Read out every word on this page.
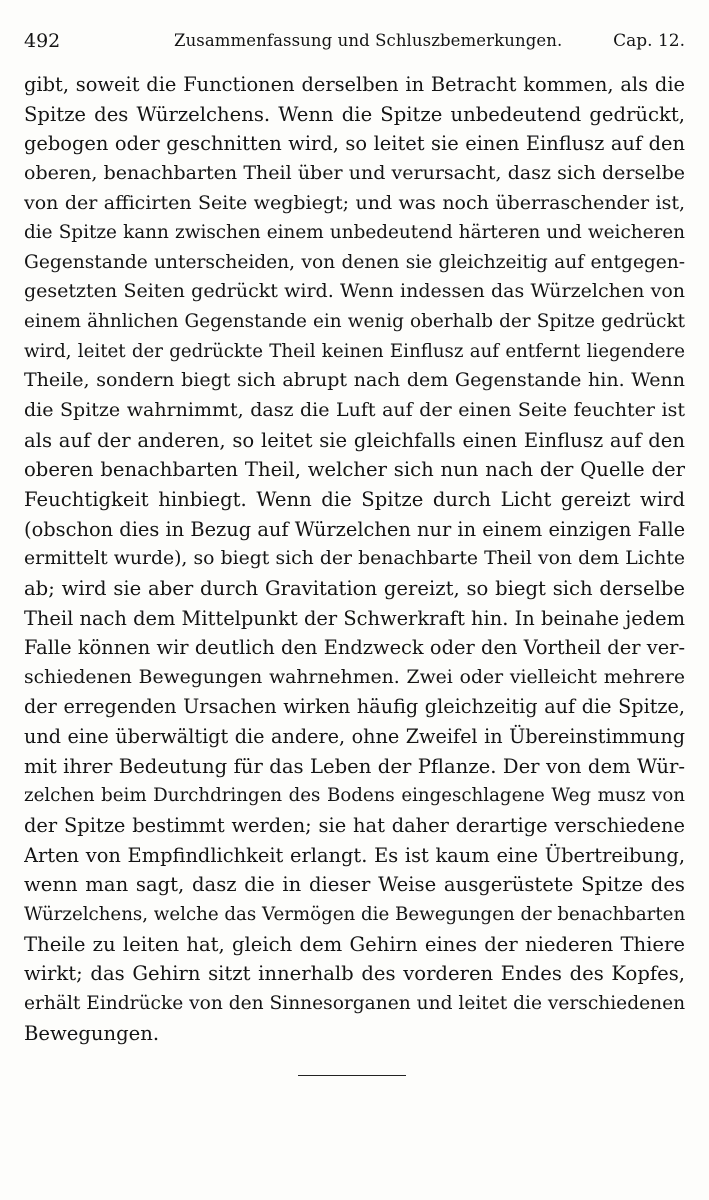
492	Zusammenfassung und Schluszbemerkungen.	Cap. 12.
gibt, soweit die Functionen derselben in Betracht kommen, als die
Spitze des Würzelchens. Wenn die Spitze unbedeutend gedrückt,
gebogen oder geschnitten wird, so leitet sie einen Einflusz auf den
oberen, benachbarten Theil über und verursacht, dasz sich derselbe
von der afficirten Seite wegbiegt; und was noch überraschender ist,
die Spitze kann zwischen einem unbedeutend härteren und weicheren
Gegenstande unterscheiden, von denen sie gleichzeitig auf entgegen-
gesetzten Seiten gedrückt wird. Wenn indessen das Würzelchen von
einem ähnlichen Gegenstande ein wenig oberhalb der Spitze gedrückt
wird, leitet der gedrückte Theil keinen Einflusz auf entfernt liegendere
Theile, sondern biegt sich abrupt nach dem Gegenstande hin. Wenn
die Spitze wahrnimmt, dasz die Luft auf der einen Seite feuchter ist
als auf der anderen, so leitet sie gleichfalls einen Einflusz auf den
oberen benachbarten Theil, welcher sich nun nach der Quelle der
Feuchtigkeit hinbiegt. Wenn die Spitze durch Licht gereizt wird
(obschon dies in Bezug auf Würzelchen nur in einem einzigen Falle
ermittelt wurde), so biegt sich der benachbarte Theil von dem Lichte
ab; wird sie aber durch Gravitation gereizt, so biegt sich derselbe
Theil nach dem Mittelpunkt der Schwerkraft hin. In beinahe jedem
Falle können wir deutlich den Endzweck oder den Vortheil der ver-
schiedenen Bewegungen wahrnehmen. Zwei oder vielleicht mehrere
der erregenden Ursachen wirken häufig gleichzeitig auf die Spitze,
und eine überwältigt die andere, ohne Zweifel in Übereinstimmung
mit ihrer Bedeutung für das Leben der Pflanze. Der von dem Wür-
zelchen beim Durchdringen des Bodens eingeschlagene Weg musz von
der Spitze bestimmt werden; sie hat daher derartige verschiedene
Arten von Empfindlichkeit erlangt. Es ist kaum eine Übertreibung,
wenn man sagt, dasz die in dieser Weise ausgerüstete Spitze des
Würzelchens, welche das Vermögen die Bewegungen der benachbarten
Theile zu leiten hat, gleich dem Gehirn eines der niederen Thiere
wirkt; das Gehirn sitzt innerhalb des vorderen Endes des Kopfes,
erhält Eindrücke von den Sinnesorganen und leitet die verschiedenen
Bewegungen.
